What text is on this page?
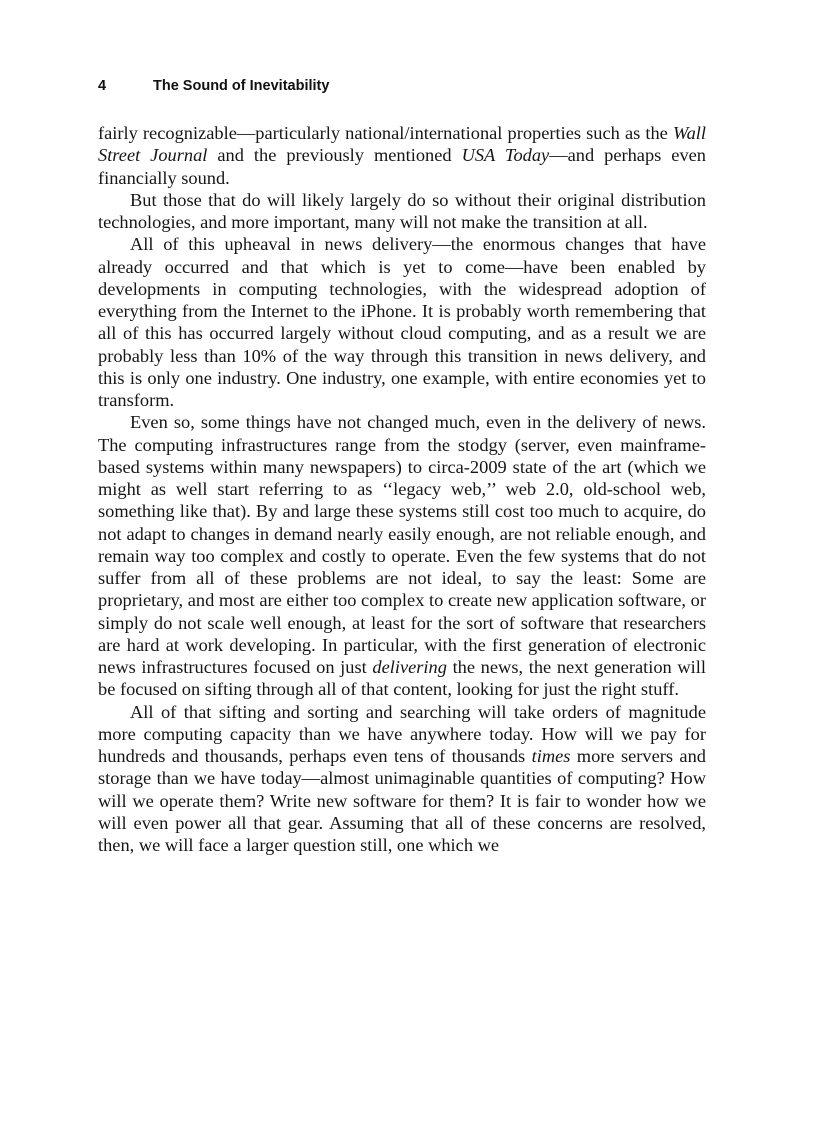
4	The Sound of Inevitability

fairly recognizable—particularly national/international properties such as the Wall Street Journal and the previously mentioned USA Today—and perhaps even financially sound.

But those that do will likely largely do so without their original distribution technologies, and more important, many will not make the transition at all.

All of this upheaval in news delivery—the enormous changes that have already occurred and that which is yet to come—have been enabled by developments in computing technologies, with the widespread adoption of everything from the Internet to the iPhone. It is probably worth remembering that all of this has occurred largely without cloud computing, and as a result we are probably less than 10% of the way through this transition in news delivery, and this is only one industry. One industry, one example, with entire economies yet to transform.

Even so, some things have not changed much, even in the delivery of news. The computing infrastructures range from the stodgy (server, even mainframe-based systems within many newspapers) to circa-2009 state of the art (which we might as well start referring to as ‘‘legacy web,’’ web 2.0, old-school web, something like that). By and large these systems still cost too much to acquire, do not adapt to changes in demand nearly easily enough, are not reliable enough, and remain way too complex and costly to operate. Even the few systems that do not suffer from all of these problems are not ideal, to say the least: Some are proprietary, and most are either too complex to create new application software, or simply do not scale well enough, at least for the sort of software that researchers are hard at work developing. In particular, with the first generation of electronic news infrastructures focused on just delivering the news, the next generation will be focused on sifting through all of that content, looking for just the right stuff.

All of that sifting and sorting and searching will take orders of magnitude more computing capacity than we have anywhere today. How will we pay for hundreds and thousands, perhaps even tens of thousands times more servers and storage than we have today—almost unimaginable quantities of computing? How will we operate them? Write new software for them? It is fair to wonder how we will even power all that gear. Assuming that all of these concerns are resolved, then, we will face a larger question still, one which we
